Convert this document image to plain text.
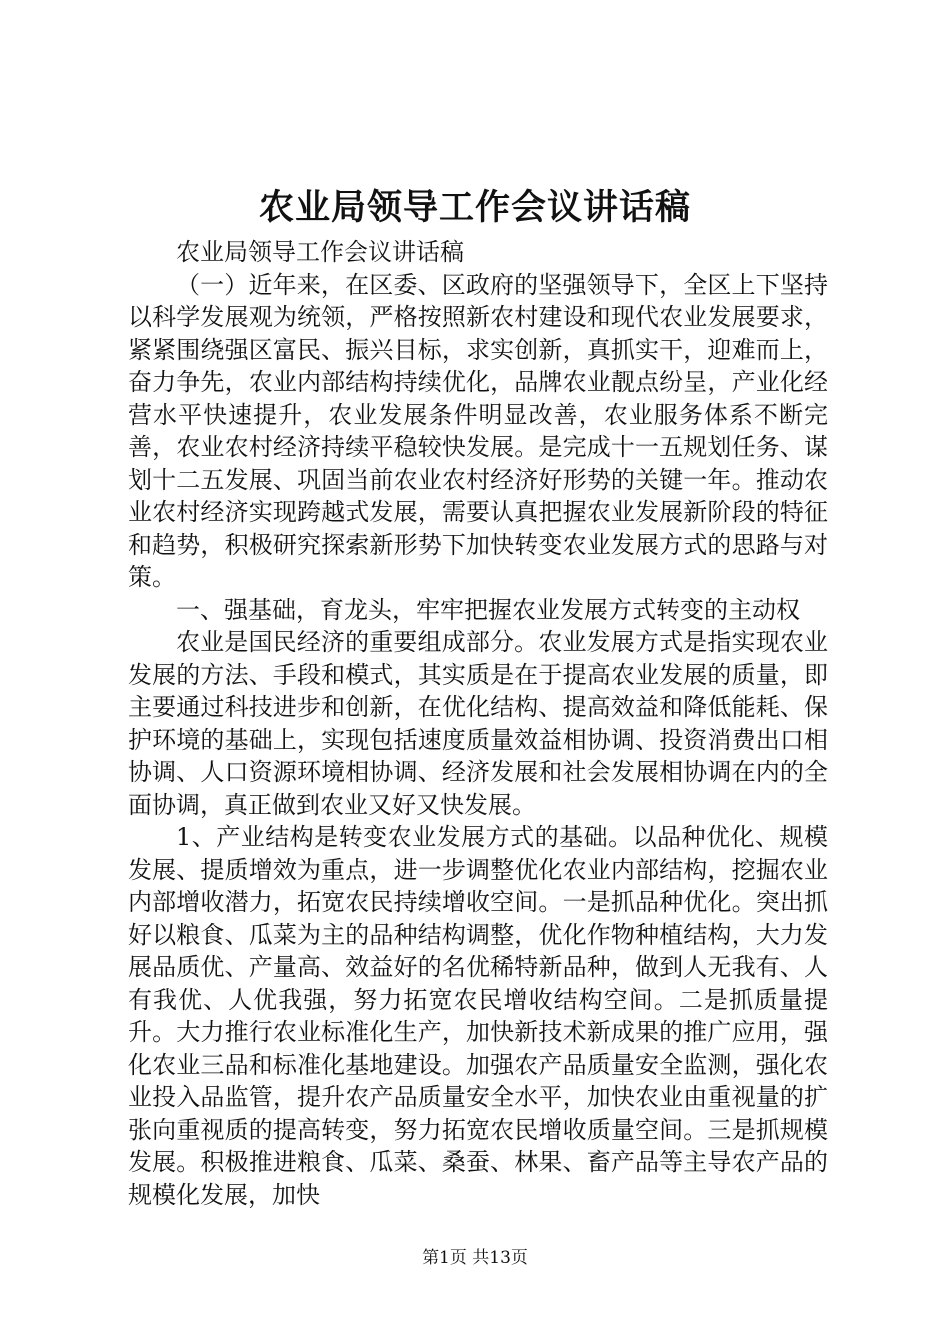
农业局领导工作会议讲话稿

农业局领导工作会议讲话稿

（一）近年来，在区委、区政府的坚强领导下，全区上下坚持以科学发展观为统领，严格按照新农村建设和现代农业发展要求，紧紧围绕强区富民、振兴目标，求实创新，真抓实干，迎难而上，奋力争先，农业内部结构持续优化，品牌农业靓点纷呈，产业化经营水平快速提升，农业发展条件明显改善，农业服务体系不断完善，农业农村经济持续平稳较快发展。是完成十一五规划任务、谋划十二五发展、巩固当前农业农村经济好形势的关键一年。推动农业农村经济实现跨越式发展，需要认真把握农业发展新阶段的特征和趋势，积极研究探索新形势下加快转变农业发展方式的思路与对策。

一、强基础，育龙头，牢牢把握农业发展方式转变的主动权

农业是国民经济的重要组成部分。农业发展方式是指实现农业发展的方法、手段和模式，其实质是在于提高农业发展的质量，即主要通过科技进步和创新，在优化结构、提高效益和降低能耗、保护环境的基础上，实现包括速度质量效益相协调、投资消费出口相协调、人口资源环境相协调、经济发展和社会发展相协调在内的全面协调，真正做到农业又好又快发展。

1、产业结构是转变农业发展方式的基础。以品种优化、规模发展、提质增效为重点，进一步调整优化农业内部结构，挖掘农业内部增收潜力，拓宽农民持续增收空间。一是抓品种优化。突出抓好以粮食、瓜菜为主的品种结构调整，优化作物种植结构，大力发展品质优、产量高、效益好的名优稀特新品种，做到人无我有、人有我优、人优我强，努力拓宽农民增收结构空间。二是抓质量提升。大力推行农业标准化生产，加快新技术新成果的推广应用，强化农业三品和标准化基地建设。加强农产品质量安全监测，强化农业投入品监管，提升农产品质量安全水平，加快农业由重视量的扩张向重视质的提高转变，努力拓宽农民增收质量空间。三是抓规模发展。积极推进粮食、瓜菜、桑蚕、林果、畜产品等主导农产品的规模化发展，加快

第1页 共13页
